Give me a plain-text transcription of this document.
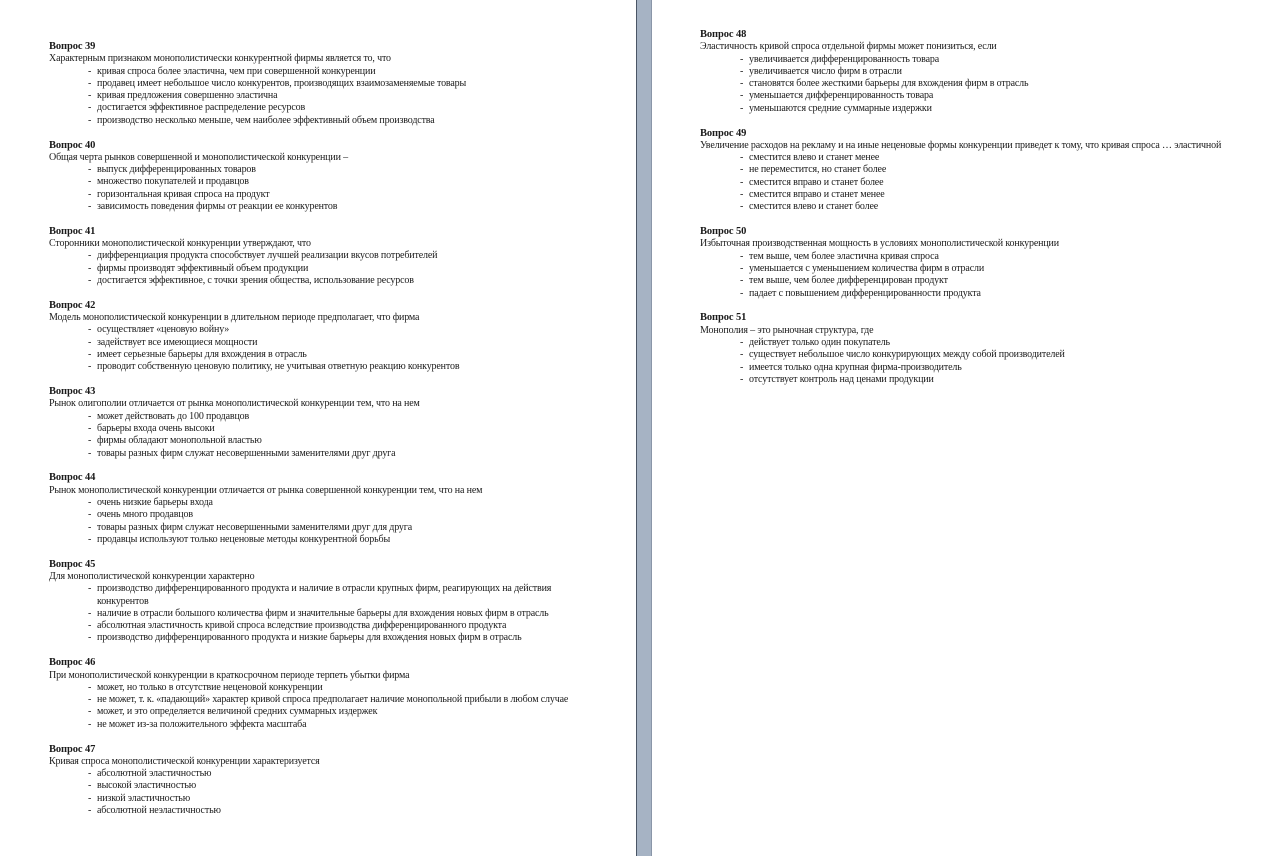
Вопрос 39
Характерным признаком монополистически конкурентной фирмы является то, что
- кривая спроса более эластична, чем при совершенной конкуренции
- продавец имеет небольшое число конкурентов, производящих взаимозаменяемые товары
- кривая предложения совершенно эластична
- достигается эффективное распределение ресурсов
- производство несколько меньше, чем наиболее эффективный объем производства
Вопрос 40
Общая черта рынков совершенной и монополистической конкуренции –
- выпуск дифференцированных товаров
- множество покупателей и продавцов
- горизонтальная кривая спроса на продукт
- зависимость поведения фирмы от реакции ее конкурентов
Вопрос 41
Сторонники монополистической конкуренции утверждают, что
- дифференциация продукта способствует лучшей реализации вкусов потребителей
- фирмы производят эффективный объем продукции
- достигается эффективное, с точки зрения общества, использование ресурсов
Вопрос 42
Модель монополистической конкуренции в длительном периоде предполагает, что фирма
- осуществляет «ценовую войну»
- задействует все имеющиеся мощности
- имеет серьезные барьеры для вхождения в отрасль
- проводит собственную ценовую политику, не учитывая ответную реакцию конкурентов
Вопрос 43
Рынок олигополии отличается от рынка монополистической конкуренции тем, что на нем
- может действовать до 100 продавцов
- барьеры входа очень высоки
- фирмы обладают монопольной властью
- товары разных фирм служат несовершенными заменителями друг друга
Вопрос 44
Рынок монополистической конкуренции отличается от рынка совершенной конкуренции тем, что на нем
- очень низкие барьеры входа
- очень много продавцов
- товары разных фирм служат несовершенными заменителями друг для друга
- продавцы используют только неценовые методы конкурентной борьбы
Вопрос 45
Для монополистической конкуренции характерно
- производство дифференцированного продукта и наличие в отрасли крупных фирм, реагирующих на действия конкурентов
- наличие в отрасли большого количества фирм и значительные барьеры для вхождения новых фирм в отрасль
- абсолютная эластичность кривой спроса вследствие производства дифференцированного продукта
- производство дифференцированного продукта и низкие барьеры для вхождения новых фирм в отрасль
Вопрос 46
При монополистической конкуренции в краткосрочном периоде терпеть убытки фирма
- может, но только в отсутствие неценовой конкуренции
- не может, т. к. «падающий» характер кривой спроса предполагает наличие монопольной прибыли в любом случае
- может, и это определяется величиной средних суммарных издержек
- не может из-за положительного эффекта масштаба
Вопрос 47
Кривая спроса монополистической конкуренции характеризуется
- абсолютной эластичностью
- высокой эластичностью
- низкой эластичностью
- абсолютной неэластичностью
Вопрос 48
Эластичность кривой спроса отдельной фирмы может понизиться, если
- увеличивается дифференцированность товара
- увеличивается число фирм в отрасли
- становятся более жесткими барьеры для вхождения фирм в отрасль
- уменьшается дифференцированность товара
- уменьшаются средние суммарные издержки
Вопрос 49
Увеличение расходов на рекламу и на иные неценовые формы конкуренции приведет к тому, что кривая спроса … эластичной
- сместится влево и станет менее
- не переместится, но станет более
- сместится вправо и станет более
- сместится вправо и станет менее
- сместится влево и станет более
Вопрос 50
Избыточная производственная мощность в условиях монополистической конкуренции
- тем выше, чем более эластична кривая спроса
- уменьшается с уменьшением количества фирм в отрасли
- тем выше, чем более дифференцирован продукт
- падает с повышением дифференцированности продукта
Вопрос 51
Монополия – это рыночная структура, где
- действует только один покупатель
- существует небольшое число конкурирующих между собой производителей
- имеется только одна крупная фирма-производитель
- отсутствует контроль над ценами продукции
